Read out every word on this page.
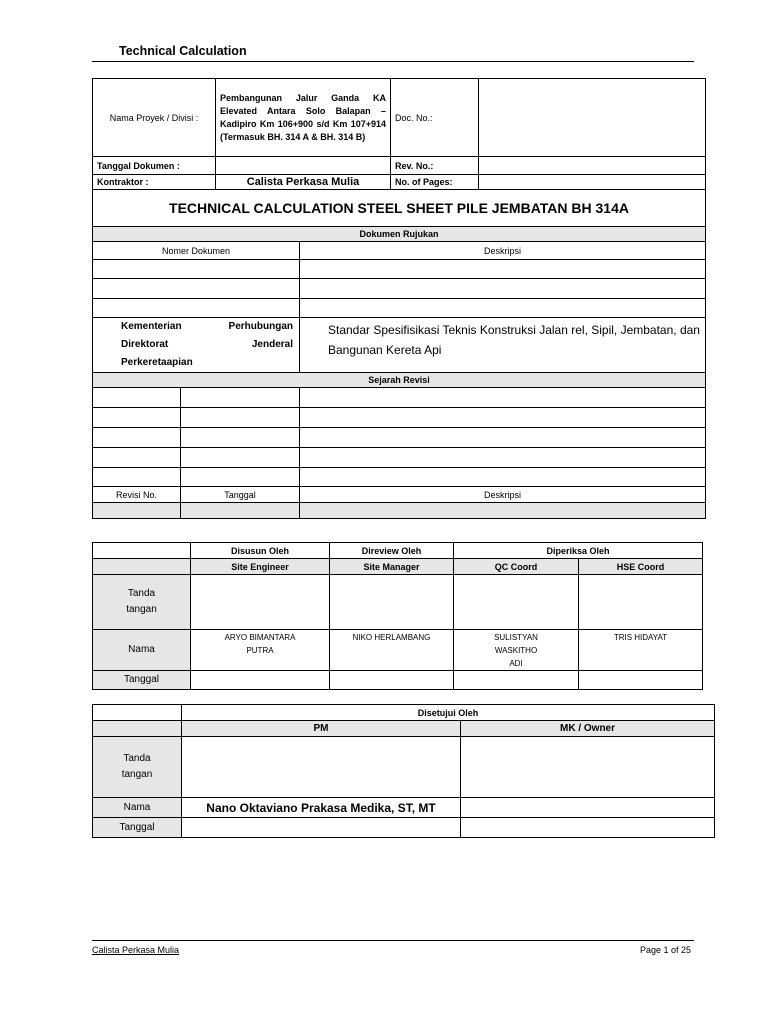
Technical Calculation
Nama Proyek / Divisi :		Pembangunan Jalur Ganda KA Elevated Antara Solo Balapan – Kadipiro Km 106+900 s/d Km 107+914 (Termasuk BH. 314 A & BH. 314 B)		Doc. No.:	
Tanggal Dokumen :				Rev. No.:	
Kontraktor :		Calista Perkasa Mulia		No. of Pages:	
TECHNICAL CALCULATION STEEL SHEET PILE JEMBATAN BH 314A					
Dokumen Rujukan					
Nomer Dokumen			Deskripsi		

Kementerian Perhubungan
Direktorat Jenderal
Perkeretaapian			Standar Spesifisikasi Teknis Konstruksi Jalan rel, Sipil, Jembatan, dan Bangunan Kereta Api		
Sejarah Revisi					

Revisi No.	Tanggal		Deskripsi		

	Disusun Oleh	Direview Oleh	Diperiksa Oleh	
	Site Engineer	Site Manager	QC Coord	HSE Coord
Tanda tangan				
Nama	ARYO BIMANTARA PUTRA	NIKO HERLAMBANG	SULISTYAN WASKITHO ADI	TRIS HIDAYAT
Tanggal				
	Disetujui Oleh	
	PM	MK / Owner
Tanda tangan		
Nama	Nano Oktaviano Prakasa Medika, ST, MT	
Tanggal		
Calista Perkasa Mulia	Page 1 of 25
